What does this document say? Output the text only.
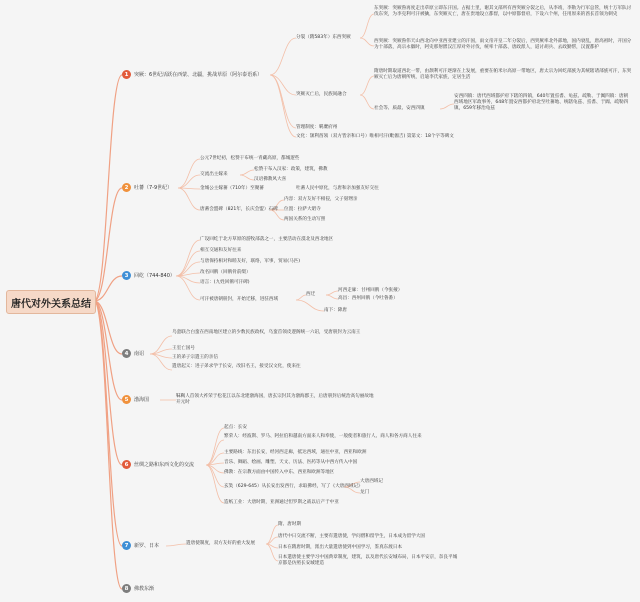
唐代对外关系总结
1	突厥：6世纪活跃在西蒙、北疆，挑战草原（阿尔泰语系）
2	吐蕃（7-9世纪）
3	回纥（744-840）
4	南诏
5	渤海国
6	丝绸之路和东西文化的交流
7	新罗、日本
8	佛教东渐
分裂（隋583年）东西突厥
东突厥：突厥鲁再度走出草原立即东汗国。占据土里，谢其文部所有西突厥分裂之后，从李靖，李勣为行军总管，统十万军队讨伐东突，为李克利可汗被擒，东突厥灭亡，唐在贵地设立都督，以中原都督府，下设六个州，任用原来的酋长首领为刺史
西突厥：突厥鲁伟天山西北向中亚西亚建立的汗国，雨文帝开皇二年分裂后，西突厥率北外部地，国内衰乱，唐高祖时，开国分为十部落，高宗永徽时，阿史那射匮汉江厚对外讨伐，统率十部落、唐政派人，道讨胡兵、去政勤帮，汉置都护
突厥灭亡后，民族间融合
隋唐时期取道西北一带，由颉利可汗逐渐在上发展，重要在帕米尔高原一带地区，唐太宗为回纥部族为其统辖诸部族可汗，东突厥灭亡后为唐朝所统，启迪李氏家族，定居生活
社会等、质最、安西四镇
安西四镇：唐代西域都护府下辖的四镇，640年置焉耆、龟兹、疏勒、于阗四镇：唐朝西域地区军政事务，648年置安西都护府北至吐蕃地、统辖龟兹、焉耆、于阗、疏勒四镇，659年移治龟兹
管理制度：羁縻府州
文化：颉利酋领（双方皆亲和口号）唯相可汗(毗伽吉) 第第文：18个字等碑文
公元7世纪初，松赞干布统一青藏高原，都城逻些
交流出主嫁来
松赞干布入汉家：政策，建筑，佛教
汉语佛教风大喜
金城公主嫁蕃（710年）至聚蕃	吐蕃人民中原化，与唐和亲加强友好交往
唐蕃会盟碑（821年，长庆会盟）石碑
内容：双方友好不相侵，父子舅甥亲
位置：拉萨大昭寺
两国关系的生动写照
广设回纥于北方草原的游牧部落之一，主要活动在漠北及西北地区
相互交通和友好往来
与唐保持相对和睦友好，联络，军事，贸易(马匹)
改名回鹘（回鹘骨前缀）
语言：(九姓回鹘可汗碑)
可汗被唐朝册封，开始迁移，进驻西域
西迁
河西走廊：甘州回鹘（今张掖）
高昌：西州回鹘（今吐鲁番）
南下：降唐
乌蛮联合白蛮在西南地区建立的少数民族政权，乌蛮首领皮逻阁统一六诏，受唐册封为云南王
王室亡国号
王的弟子宗遣王的亲信
遣唐起义：进子弟求学于长安，改旧名王，接受汉文化，使来往
靺鞨人首领大祚荣于松花江以东北建渤海国，唐玄宗封其为渤海郡王，后唐册封后统治高句丽故地 开元时
起点：长安
繁荣人：经波斯、罗马、阿拉伯和越南方面来人和奉使，一般使者和旅行人、商人和各方商人往来
主要路线：东出长安，经河西走廊，抵达西域，通往中亚，西亚和欧洲
音乐、舞蹈、绘画、雕塑、天文、历法、医药等从中西方传入中国
佛教：在宗教方面由中国传入中东、西亚和欧洲等地区
玄奘（629-645）从长安出发西行，求取佛经，写了《大唐西域记》
大唐西域记
龙门
造纸工业：大唐时期，亚洲通过怛罗斯之战以后产于中亚
遣唐使制度，双方友好的重大发展
隋、唐时期
唐代中日交流不断，主要有遣唐使，学问僧和留学生，日本成为留学大国
日本在隋唐时期，派出大量遣唐使到中国学习，鉴真东渡日本
日本遣唐使主要学习中国典章制度，建筑，以及唐代长安城布局，日本平安京，奈良平城京都是仿照长安城建造
